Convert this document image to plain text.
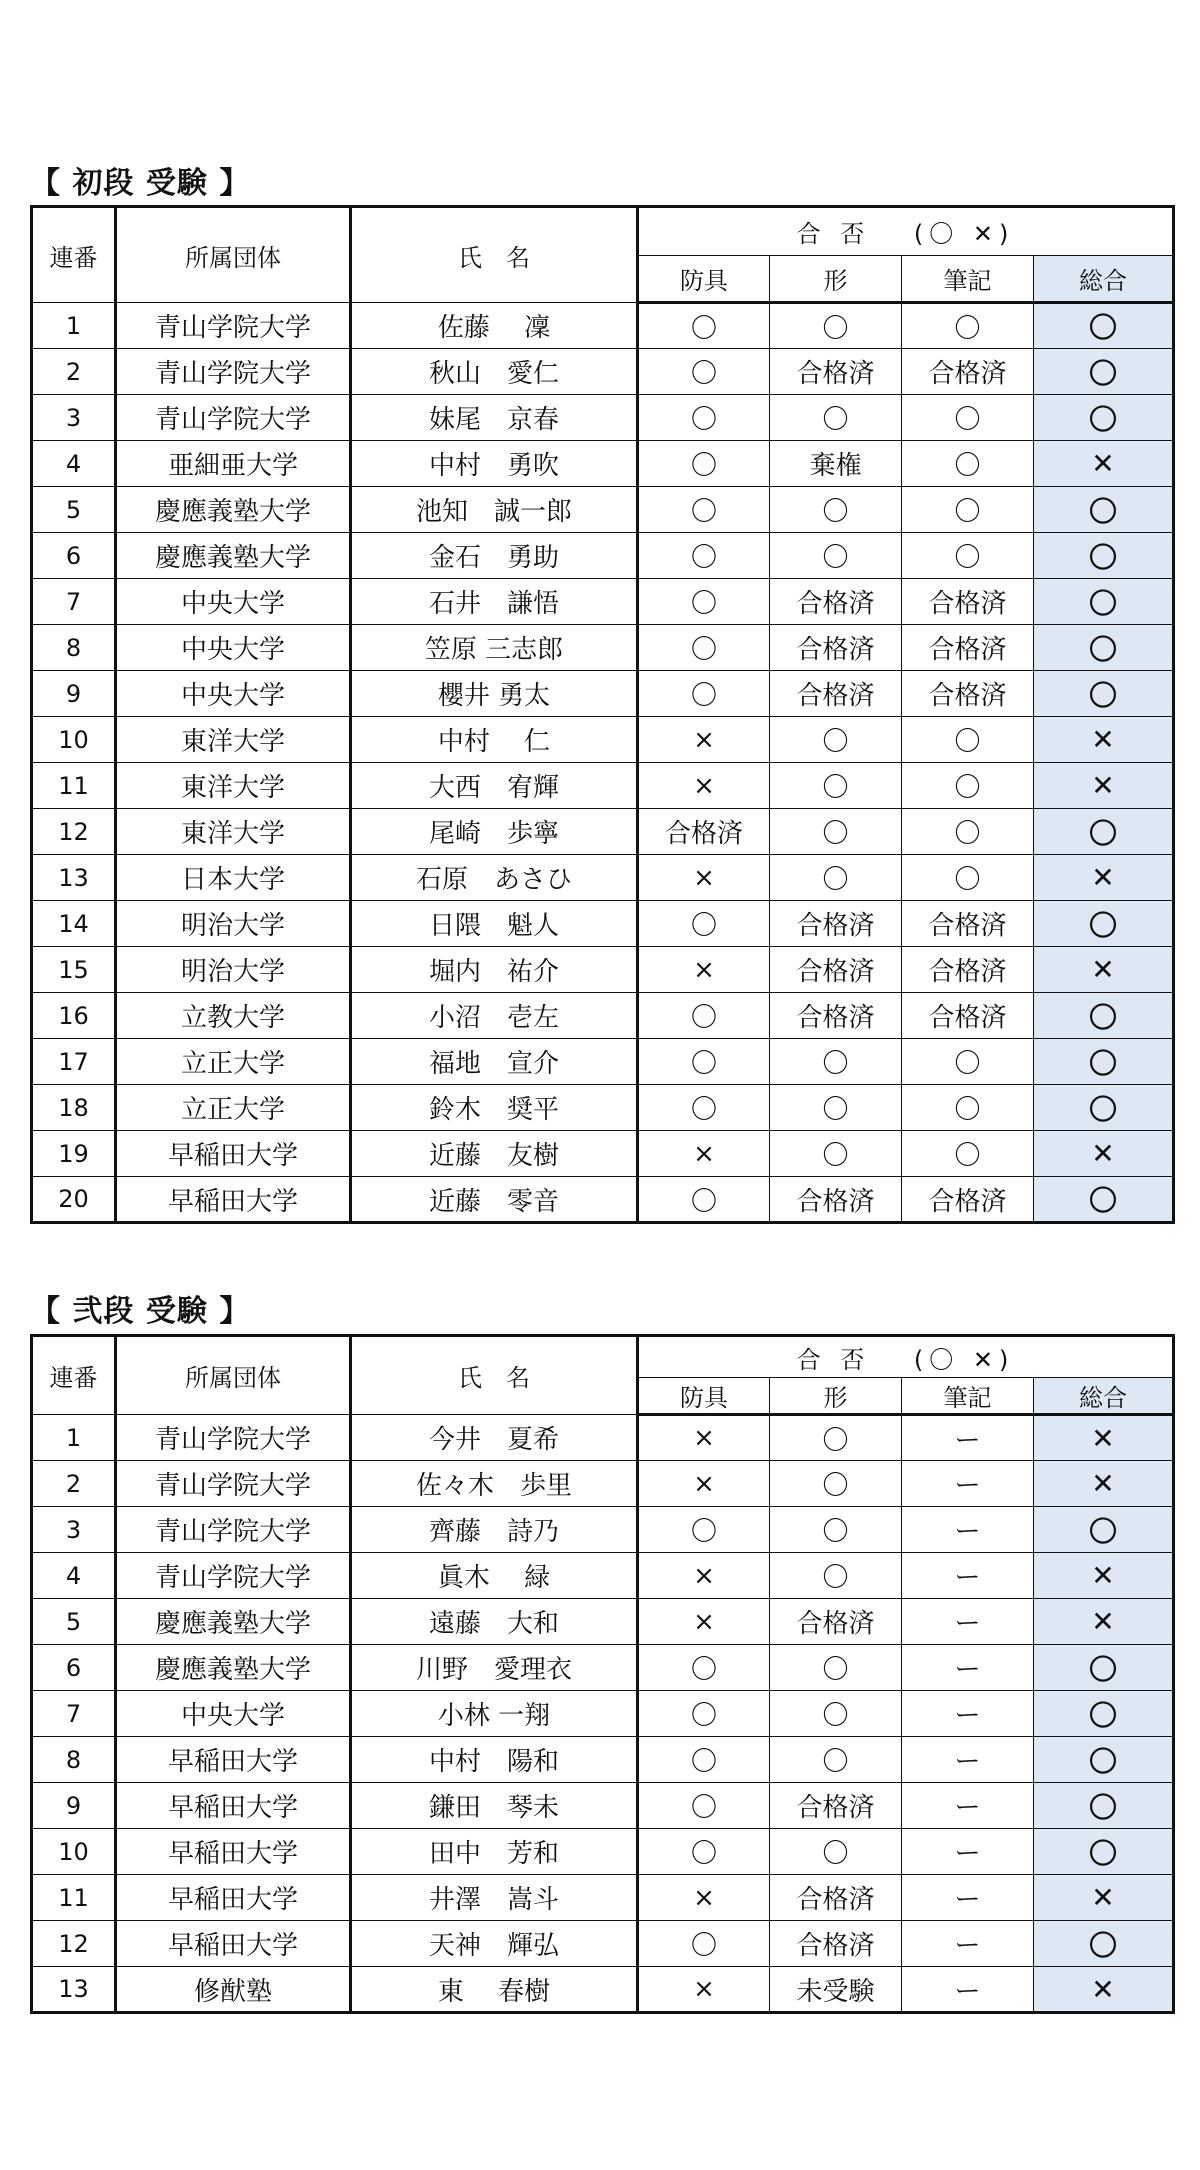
【 初段 受験 】
連番	所属団体	氏　名	合 否 　(〇 ✕)			
			防具	形	筆記	総合
1	青山学院大学	佐藤　 凜	〇	〇	〇	〇
2	青山学院大学	秋山　愛仁	〇	合格済	合格済	〇
3	青山学院大学	妹尾　京春	〇	〇	〇	〇
4	亜細亜大学	中村　勇吹	〇	棄権	〇	✕
5	慶應義塾大学	池知　誠一郎	〇	〇	〇	〇
6	慶應義塾大学	金石　勇助	〇	〇	〇	〇
7	中央大学	石井　謙悟	〇	合格済	合格済	〇
8	中央大学	笠原 三志郎	〇	合格済	合格済	〇
9	中央大学	櫻井 勇太	〇	合格済	合格済	〇
10	東洋大学	中村　 仁	×	〇	〇	✕
11	東洋大学	大西　宥輝	×	〇	〇	✕
12	東洋大学	尾崎　歩寧	合格済	〇	〇	〇
13	日本大学	石原　あさひ	×	〇	〇	✕
14	明治大学	日隈　魁人	〇	合格済	合格済	〇
15	明治大学	堀内　祐介	×	合格済	合格済	✕
16	立教大学	小沼　壱左	〇	合格済	合格済	〇
17	立正大学	福地　宣介	〇	〇	〇	〇
18	立正大学	鈴木　奨平	〇	〇	〇	〇
19	早稲田大学	近藤　友樹	×	〇	〇	✕
20	早稲田大学	近藤　零音	〇	合格済	合格済	〇
【 弐段 受験 】
連番	所属団体	氏　名	合 否 　(〇 ✕)			
			防具	形	筆記	総合
1	青山学院大学	今井　夏希	×	〇	ー	✕
2	青山学院大学	佐々木　歩里	×	〇	ー	✕
3	青山学院大学	齊藤　詩乃	〇	〇	ー	〇
4	青山学院大学	眞木　 緑	×	〇	ー	✕
5	慶應義塾大学	遠藤　大和	×	合格済	ー	✕
6	慶應義塾大学	川野　愛理衣	〇	〇	ー	〇
7	中央大学	小林 一翔	〇	〇	ー	〇
8	早稲田大学	中村　陽和	〇	〇	ー	〇
9	早稲田大学	鎌田　琴未	〇	合格済	ー	〇
10	早稲田大学	田中　芳和	〇	〇	ー	〇
11	早稲田大学	井澤　嵩斗	×	合格済	ー	✕
12	早稲田大学	天神　輝弘	〇	合格済	ー	〇
13	修猷塾	東　 春樹	×	未受験	ー	✕
